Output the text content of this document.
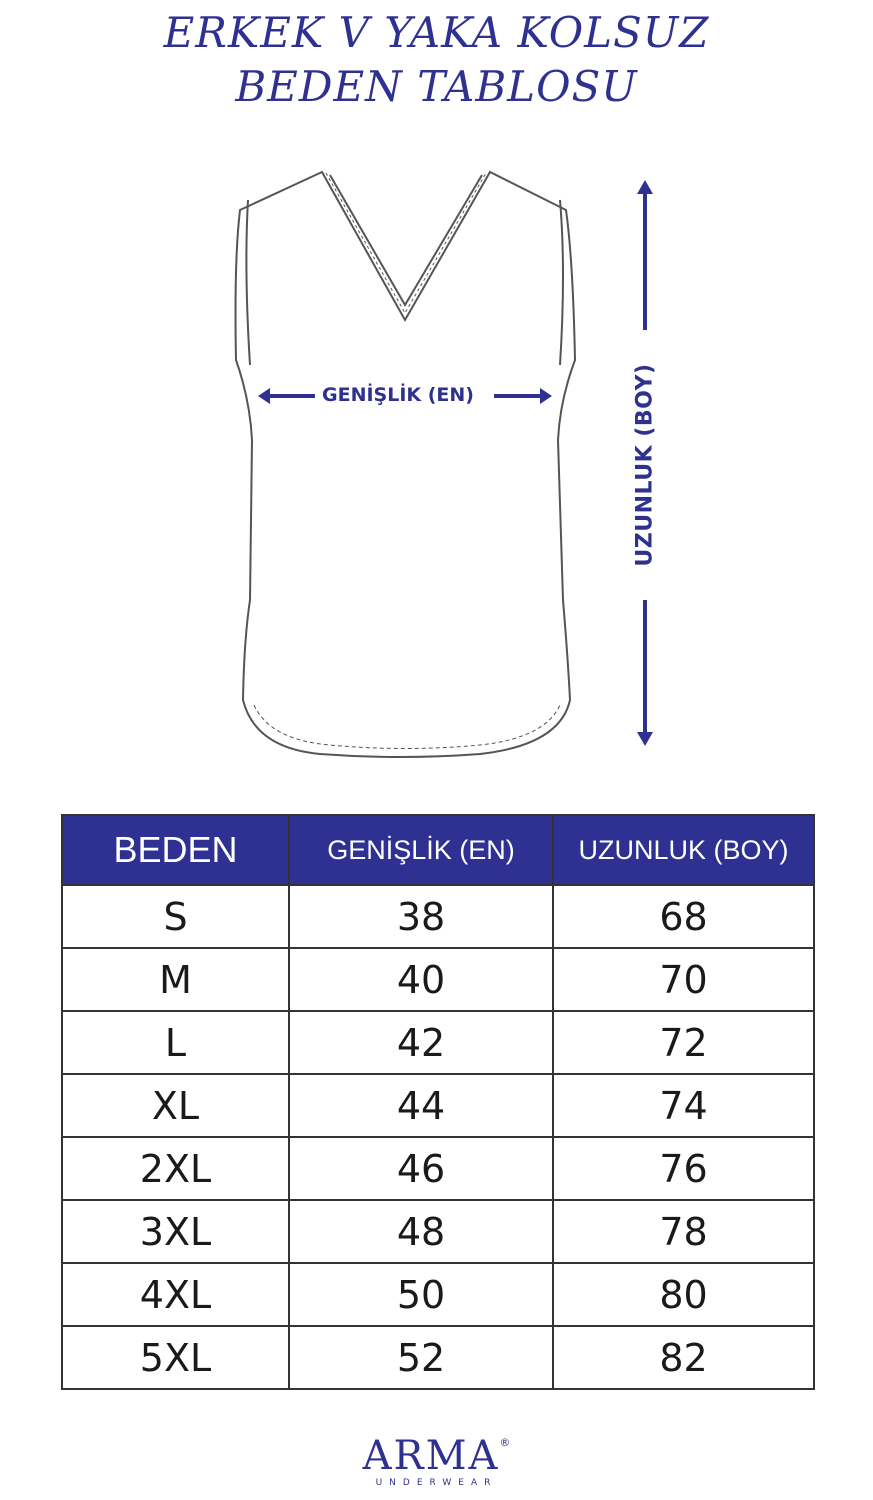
ERKEK V YAKA KOLSUZ
BEDEN TABLOSU
GENİŞLİK (EN)	UZUNLUK (BOY)
BEDEN	GENİŞLİK (EN)	UZUNLUK (BOY)
S	38	68
M	40	70
L	42	72
XL	44	74
2XL	46	76
3XL	48	78
4XL	50	80
5XL	52	82
ARMA®
UNDERWEAR
